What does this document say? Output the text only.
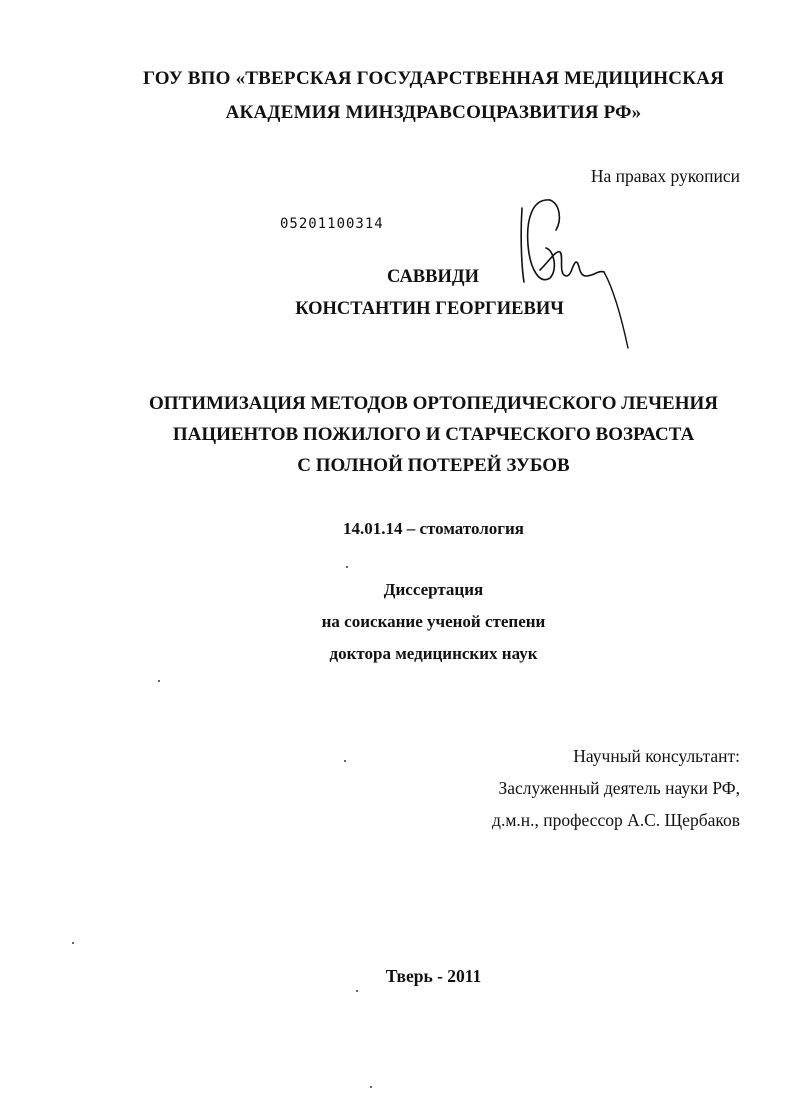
ГОУ ВПО «ТВЕРСКАЯ ГОСУДАРСТВЕННАЯ МЕДИЦИНСКАЯ
АКАДЕМИЯ МИНЗДРАВСОЦРАЗВИТИЯ РФ»
На правах рукописи
05201100314
САВВИДИ
КОНСТАНТИН ГЕОРГИЕВИЧ
ОПТИМИЗАЦИЯ МЕТОДОВ ОРТОПЕДИЧЕСКОГО ЛЕЧЕНИЯ
ПАЦИЕНТОВ ПОЖИЛОГО И СТАРЧЕСКОГО ВОЗРАСТА
С ПОЛНОЙ ПОТЕРЕЙ ЗУБОВ
14.01.14 – стоматология
Диссертация
на соискание ученой степени
доктора медицинских наук
Научный консультант:
Заслуженный деятель науки РФ,
д.м.н., профессор А.С. Щербаков
Тверь - 2011
